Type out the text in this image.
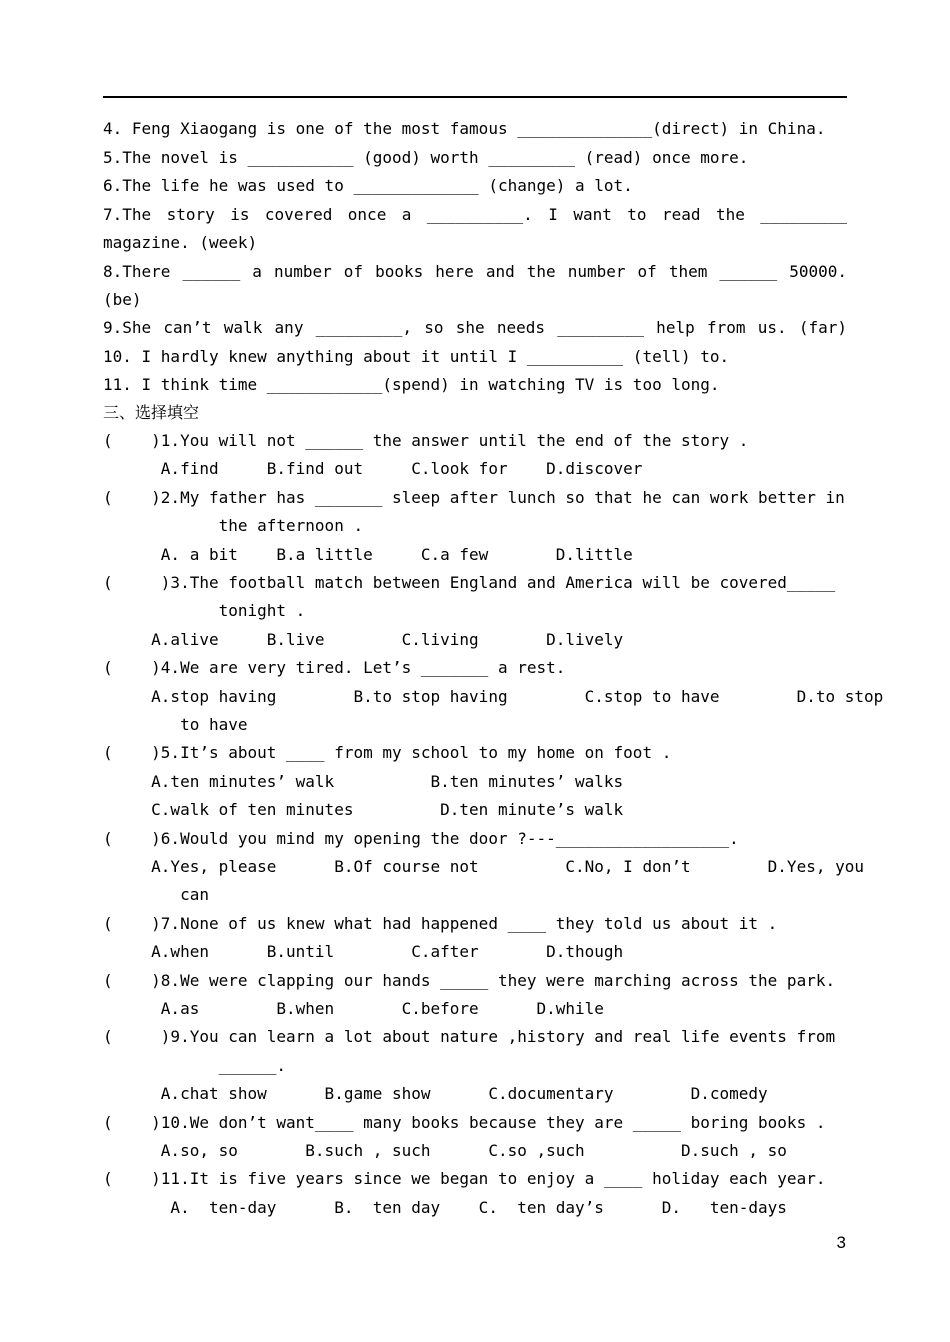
4. Feng Xiaogang is one of the most famous ______________(direct) in China.
5.The novel is ___________ (good) worth _________ (read) once more.
6.The life he was used to _____________ (change) a lot.
7.The story is covered once a __________. I want to read the _________
magazine. (week)
8.There ______ a number of books here and the number of them ______ 50000.
(be)
9.She can’t walk any _________, so she needs _________ help from us. (far)
10. I hardly knew anything about it until I __________ (tell) to.
11. I think time ____________(spend) in watching TV is too long.
三、选择填空
(    )1.You will not ______ the answer until the end of the story .
A.find     B.find out     C.look for    D.discover
(    )2.My father has _______ sleep after lunch so that he can work better in
the afternoon .
A. a bit    B.a little     C.a few       D.little
(     )3.The football match between England and America will be covered_____
tonight .
A.alive     B.live        C.living       D.lively
(    )4.We are very tired. Let’s _______ a rest.
A.stop having        B.to stop having        C.stop to have        D.to stop
to have
(    )5.It’s about ____ from my school to my home on foot .
A.ten minutes’ walk          B.ten minutes’ walks
C.walk of ten minutes         D.ten minute’s walk
(    )6.Would you mind my opening the door ?---__________________.
A.Yes, please      B.Of course not         C.No, I don’t        D.Yes, you
can
(    )7.None of us knew what had happened ____ they told us about it .
A.when      B.until        C.after       D.though
(    )8.We were clapping our hands _____ they were marching across the park.
A.as        B.when       C.before      D.while
(     )9.You can learn a lot about nature ,history and real life events from
______.
A.chat show      B.game show      C.documentary        D.comedy
(    )10.We don’t want____ many books because they are _____ boring books .
A.so, so       B.such , such      C.so ,such          D.such , so
(    )11.It is five years since we began to enjoy a ____ holiday each year.
A.  ten-day      B.  ten day    C.  ten day’s      D.   ten-days
3
